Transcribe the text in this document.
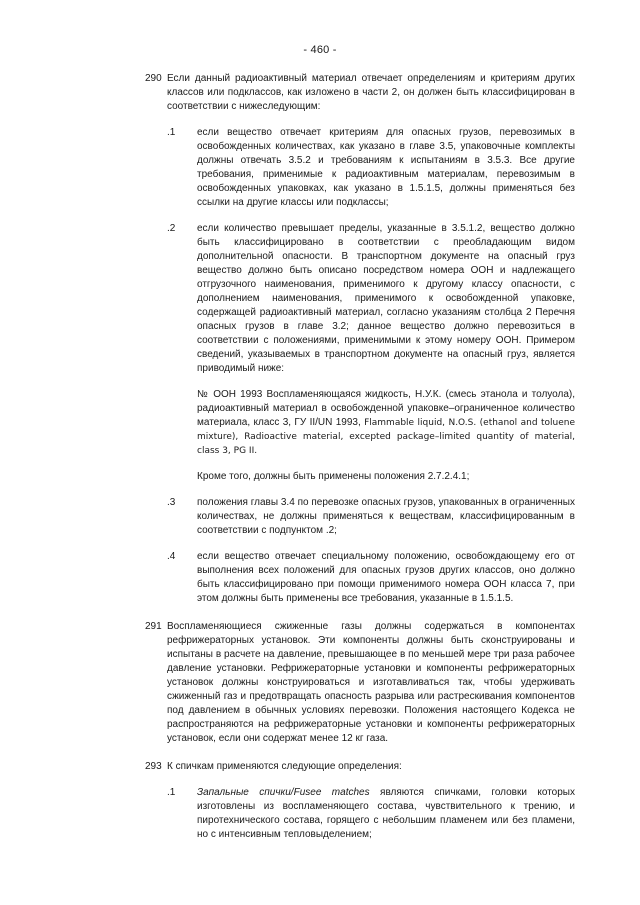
- 460 -
290 Если данный радиоактивный материал отвечает определениям и критериям других классов или подклассов, как изложено в части 2, он должен быть классифицирован в соответствии с нижеследующим:
.1	если вещество отвечает критериям для опасных грузов, перевозимых в освобожденных количествах, как указано в главе 3.5, упаковочные комплекты должны отвечать 3.5.2 и требованиям к испытаниям в 3.5.3. Все другие требования, применимые к радиоактивным материалам, перевозимым в освобожденных упаковках, как указано в 1.5.1.5, должны применяться без ссылки на другие классы или подклассы;
.2	если количество превышает пределы, указанные в 3.5.1.2, вещество должно быть классифицировано в соответствии с преобладающим видом дополнительной опасности. В транспортном документе на опасный груз вещество должно быть описано посредством номера ООН и надлежащего отгрузочного наименования, применимого к другому классу опасности, с дополнением наименования, применимого к освобожденной упаковке, содержащей радиоактивный материал, согласно указаниям столбца 2 Перечня опасных грузов в главе 3.2; данное вещество должно перевозиться в соответствии с положениями, применимыми к этому номеру ООН. Примером сведений, указываемых в транспортном документе на опасный груз, является приводимый ниже:
№ ООН 1993 Воспламеняющаяся жидкость, Н.У.К. (смесь этанола и толуола), радиоактивный материал в освобожденной упаковке–ограниченное количество материала, класс 3, ГУ II/UN 1993, Flammable liquid, N.O.S. (ethanol and toluene mixture), Radioactive material, excepted package–limited quantity of material, class 3, PG II.
Кроме того, должны быть применены положения 2.7.2.4.1;
.3	положения главы 3.4 по перевозке опасных грузов, упакованных в ограниченных количествах, не должны применяться к веществам, классифицированным в соответствии с подпунктом .2;
.4	если вещество отвечает специальному положению, освобождающему его от выполнения всех положений для опасных грузов других классов, оно должно быть классифицировано при помощи применимого номера ООН класса 7, при этом должны быть применены все требования, указанные в 1.5.1.5.
291 Воспламеняющиеся сжиженные газы должны содержаться в компонентах рефрижераторных установок. Эти компоненты должны быть сконструированы и испытаны в расчете на давление, превышающее в по меньшей мере три раза рабочее давление установки. Рефрижераторные установки и компоненты рефрижераторных установок должны конструироваться и изготавливаться так, чтобы удерживать сжиженный газ и предотвращать опасность разрыва или растрескивания компонентов под давлением в обычных условиях перевозки. Положения настоящего Кодекса не распространяются на рефрижераторные установки и компоненты рефрижераторных установок, если они содержат менее 12 кг газа.
293 К спичкам применяются следующие определения:
.1	Запальные спички/Fusee matches являются спичками, головки которых изготовлены из воспламеняющего состава, чувствительного к трению, и пиротехнического состава, горящего с небольшим пламенем или без пламени, но с интенсивным тепловыделением;
